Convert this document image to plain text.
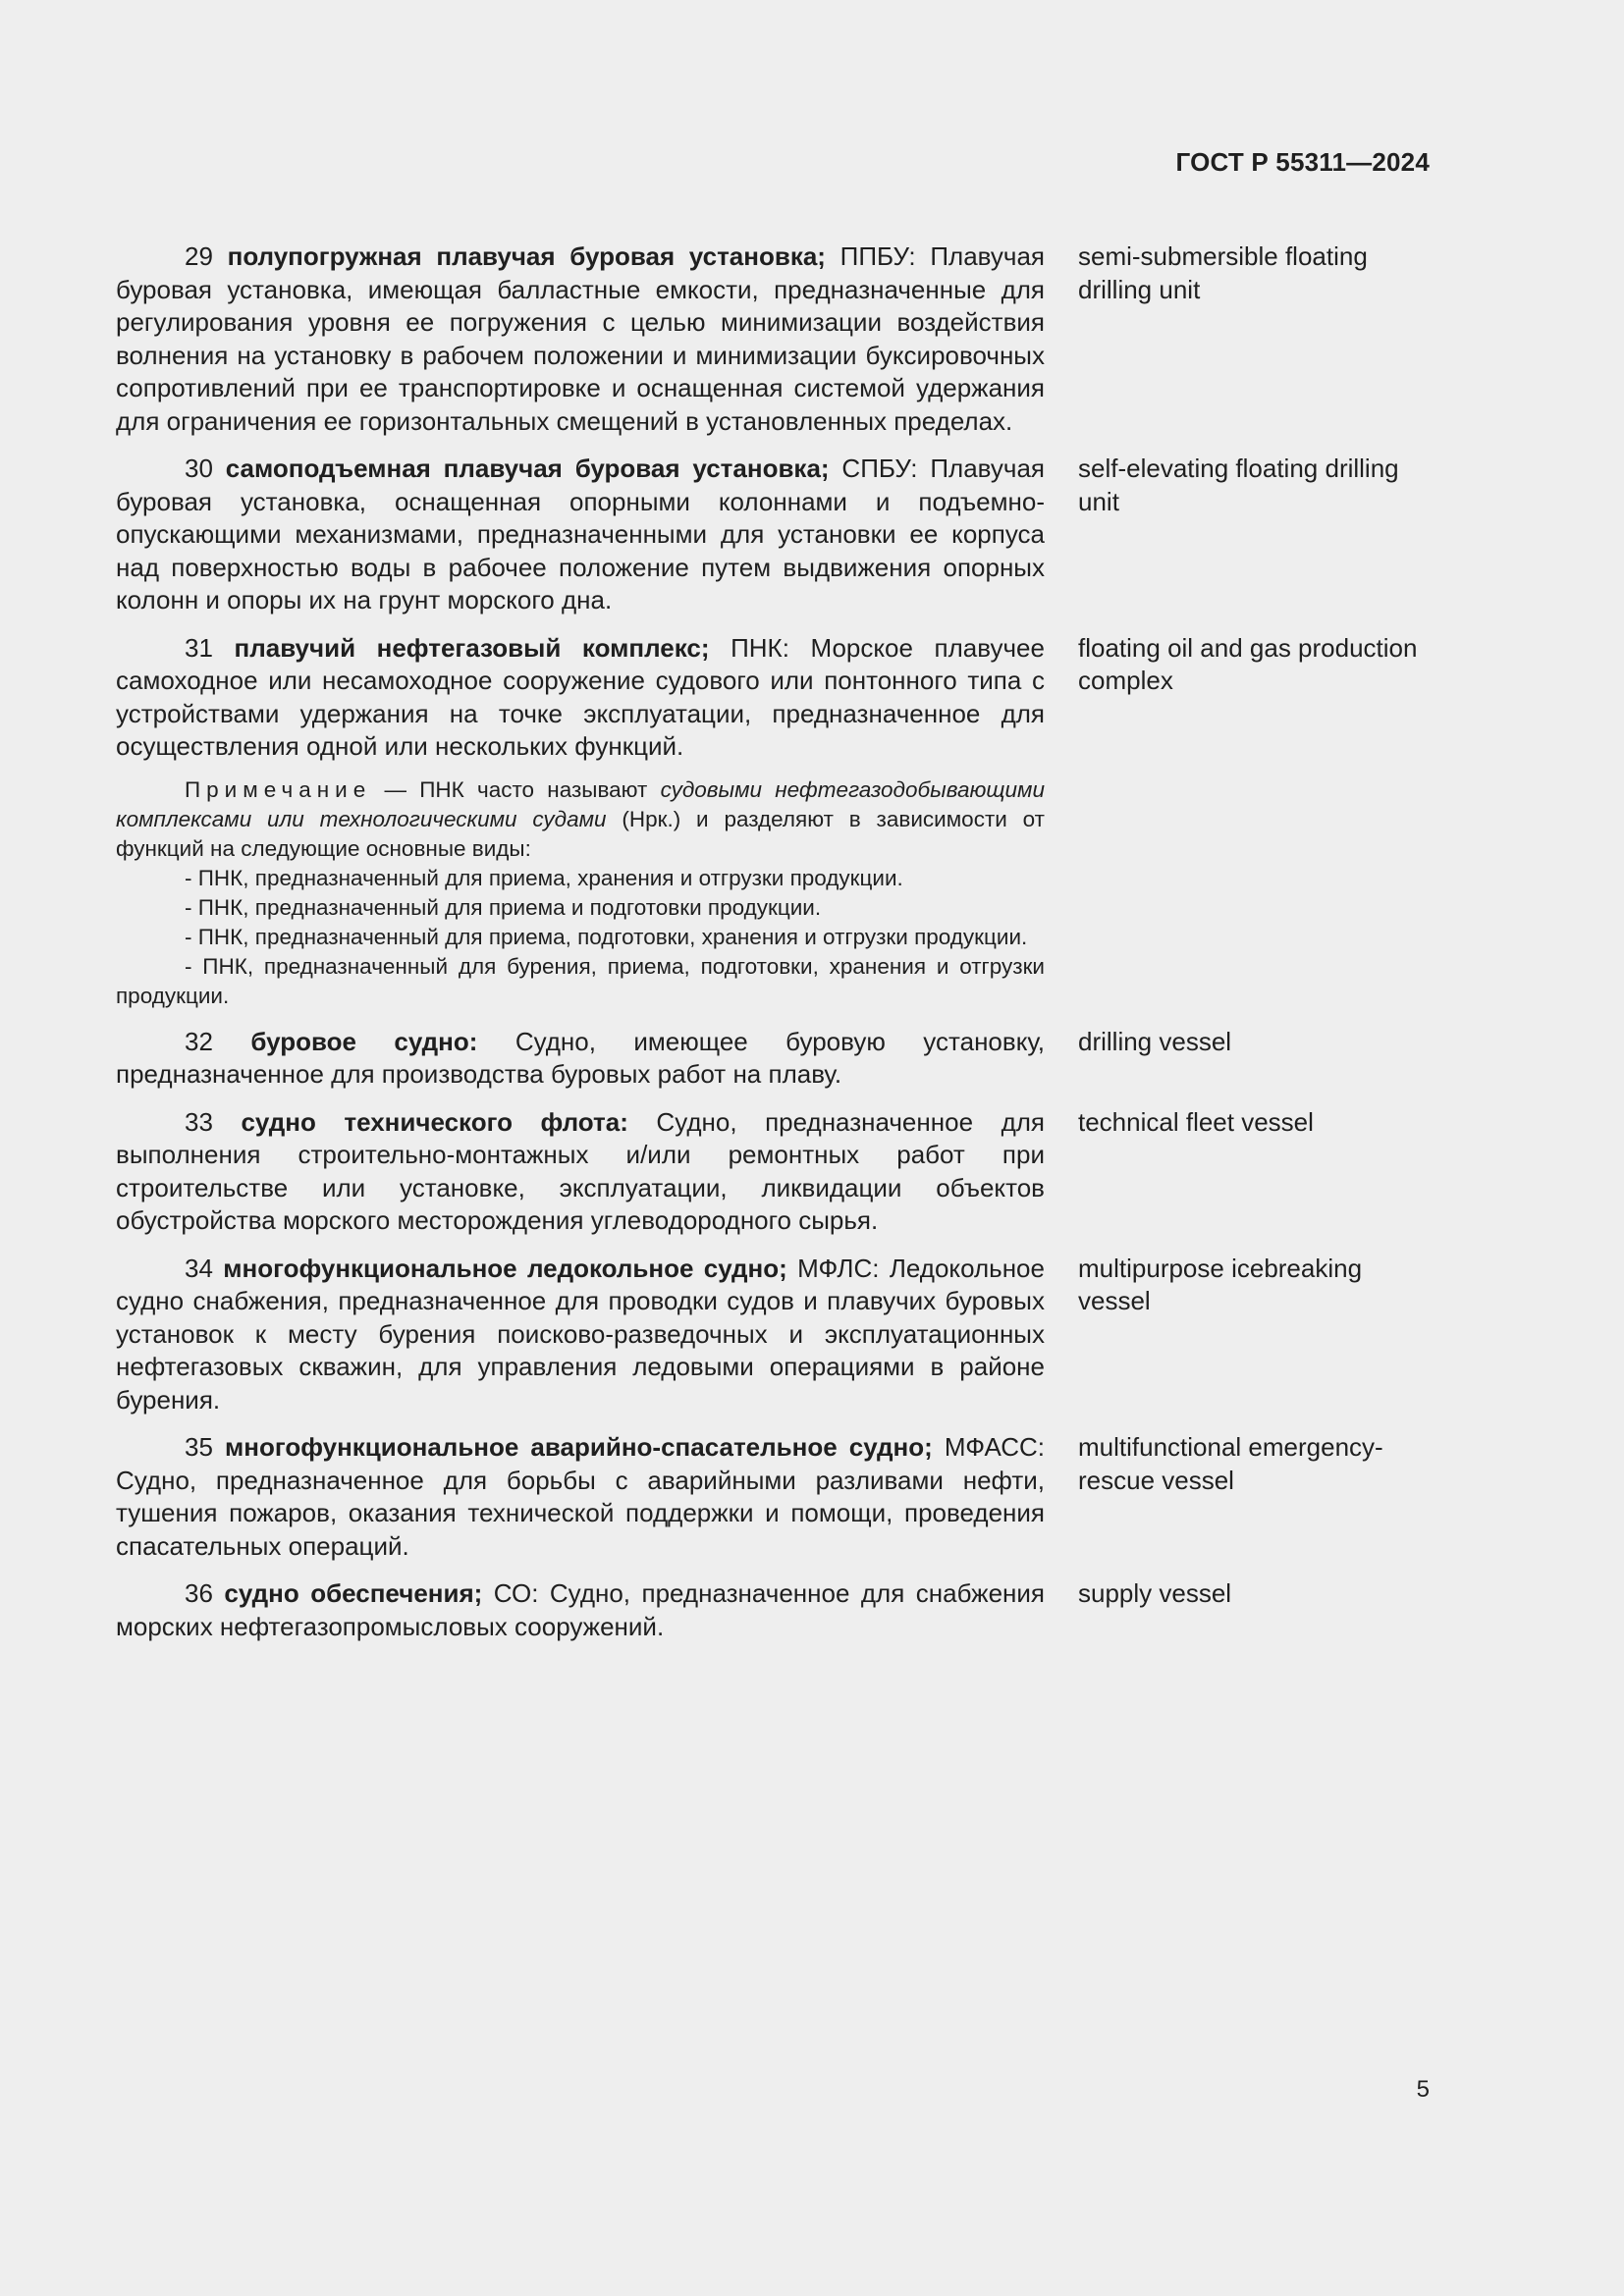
ГОСТ Р 55311—2024
29 полупогружная плавучая буровая установка; ППБУ: Плавучая буровая установка, имеющая балластные емкости, предназначенные для регулирования уровня ее погружения с целью минимизации воздействия волнения на установку в рабочем положении и минимизации буксировочных сопротивлений при ее транспортировке и оснащенная системой удержания для ограничения ее горизонтальных смещений в установленных пределах.
semi-submersible floating drilling unit
30 самоподъемная плавучая буровая установка; СПБУ: Плавучая буровая установка, оснащенная опорными колоннами и подъемно-опускающими механизмами, предназначенными для установки ее корпуса над поверхностью воды в рабочее положение путем выдвижения опорных колонн и опоры их на грунт морского дна.
self-elevating floating drilling unit
31 плавучий нефтегазовый комплекс; ПНК: Морское плавучее самоходное или несамоходное сооружение судового или понтонного типа с устройствами удержания на точке эксплуатации, предназначенное для осуществления одной или нескольких функций.
floating oil and gas production complex
Примечание — ПНК часто называют судовыми нефтегазодобывающими комплексами или технологическими судами (Нрк.) и разделяют в зависимости от функций на следующие основные виды:
- ПНК, предназначенный для приема, хранения и отгрузки продукции.
- ПНК, предназначенный для приема и подготовки продукции.
- ПНК, предназначенный для приема, подготовки, хранения и отгрузки продукции.
- ПНК, предназначенный для бурения, приема, подготовки, хранения и отгрузки продукции.
32 буровое судно: Судно, имеющее буровую установку, предназначенное для производства буровых работ на плаву.
drilling vessel
33 судно технического флота: Судно, предназначенное для выполнения строительно-монтажных и/или ремонтных работ при строительстве или установке, эксплуатации, ликвидации объектов обустройства морского месторождения углеводородного сырья.
technical fleet vessel
34 многофункциональное ледокольное судно; МФЛС: Ледокольное судно снабжения, предназначенное для проводки судов и плавучих буровых установок к месту бурения поисково-разведочных и эксплуатационных нефтегазовых скважин, для управления ледовыми операциями в районе бурения.
multipurpose icebreaking vessel
35 многофункциональное аварийно-спасательное судно; МФАСС: Судно, предназначенное для борьбы с аварийными разливами нефти, тушения пожаров, оказания технической поддержки и помощи, проведения спасательных операций.
multifunctional emergency-rescue vessel
36 судно обеспечения; СО: Судно, предназначенное для снабжения морских нефтегазопромысловых сооружений.
supply vessel
5
